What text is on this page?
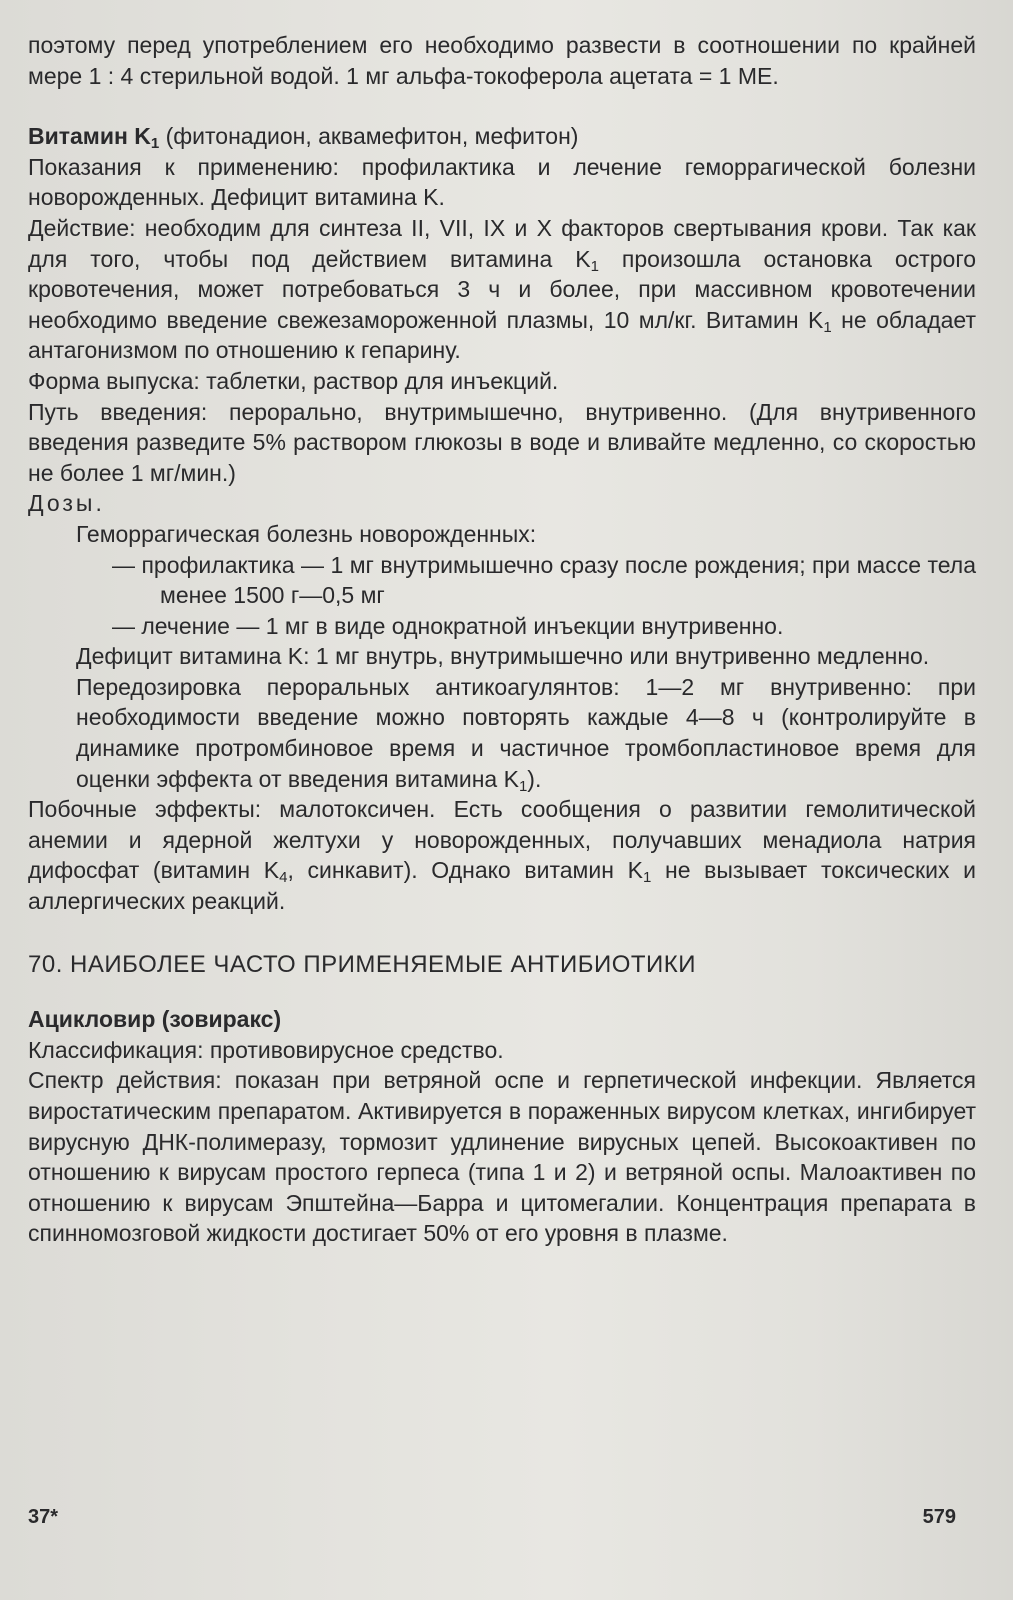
поэтому перед употреблением его необходимо развести в соотношении по крайней мере 1 : 4 стерильной водой. 1 мг альфа-токоферола ацетата = 1 МЕ.

Витамин $K_1$ (фитонадион, аквамефитон, мефитон)

Показания к применению: профилактика и лечение геморрагической болезни новорожденных. Дефицит витамина K.

Действие: необходим для синтеза II, VII, IX и X факторов свертывания крови. Так как для того, чтобы под действием витамина $K_1$ произошла остановка острого кровотечения, может потребоваться 3 ч и более, при массивном кровотечении необходимо введение свежезамороженной плазмы, 10 мл/кг. Витамин $K_1$ не обладает антагонизмом по отношению к гепарину.

Форма выпуска: таблетки, раствор для инъекций.

Путь введения: перорально, внутримышечно, внутривенно. (Для внутривенного введения разведите 5% раствором глюкозы в воде и вливайте медленно, со скоростью не более 1 мг/мин.)

Дозы.

Геморрагическая болезнь новорожденных:

— профилактика — 1 мг внутримышечно сразу после рождения; при массе тела менее 1500 г—0,5 мг

— лечение — 1 мг в виде однократной инъекции внутривенно.

Дефицит витамина K: 1 мг внутрь, внутримышечно или внутривенно медленно.

Передозировка пероральных антикоагулянтов: 1—2 мг внутривенно: при необходимости введение можно повторять каждые 4—8 ч (контролируйте в динамике протромбиновое время и частичное тромбопластиновое время для оценки эффекта от введения витамина $K_1$).

Побочные эффекты: малотоксичен. Есть сообщения о развитии гемолитической анемии и ядерной желтухи у новорожденных, получавших менадиола натрия дифосфат (витамин $K_4$, синкавит). Однако витамин $K_1$ не вызывает токсических и аллергических реакций.

70. НАИБОЛЕЕ ЧАСТО ПРИМЕНЯЕМЫЕ АНТИБИОТИКИ

Ацикловир (зовиракс)

Классификация: противовирусное средство.

Спектр действия: показан при ветряной оспе и герпетической инфекции. Является виростатическим препаратом. Активируется в пораженных вирусом клетках, ингибирует вирусную ДНК-полимеразу, тормозит удлинение вирусных цепей. Высокоактивен по отношению к вирусам простого герпеса (типа 1 и 2) и ветряной оспы. Малоактивен по отношению к вирусам Эпштейна—Барра и цитомегалии. Концентрация препарата в спинномозговой жидкости достигает 50% от его уровня в плазме.

37*	579
